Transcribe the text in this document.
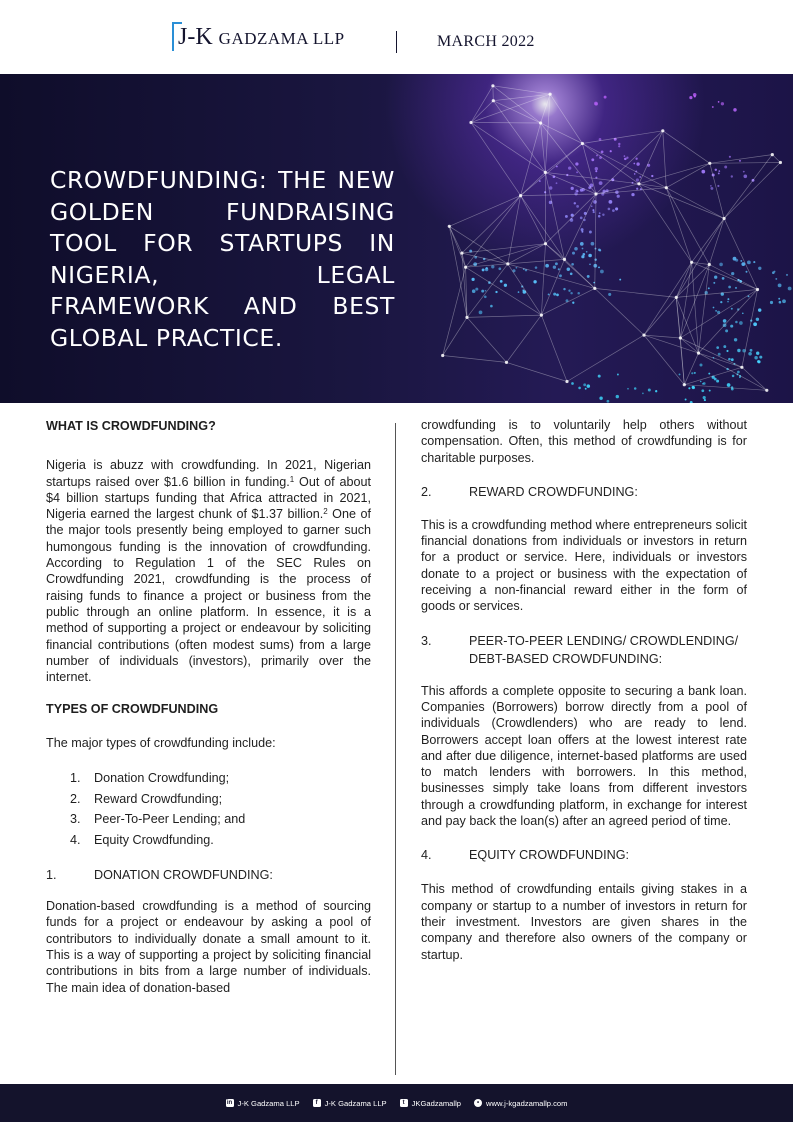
J-K GADZAMA LLP	MARCH 2022
CROWDFUNDING: THE NEW GOLDEN FUNDRAISING TOOL FOR STARTUPS IN NIGERIA, LEGAL FRAMEWORK AND BEST GLOBAL PRACTICE.

WHAT IS CROWDFUNDING?

Nigeria is abuzz with crowdfunding. In 2021, Nigerian startups raised over $1.6 billion in funding.$^1$ Out of about $4 billion startups funding that Africa attracted in 2021, Nigeria earned the largest chunk of $1.37 billion.$^2$ One of the major tools presently being employed to garner such humongous funding is the innovation of crowdfunding. According to Regulation 1 of the SEC Rules on Crowdfunding 2021, crowdfunding is the process of raising funds to finance a project or business from the public through an online platform. In essence, it is a method of supporting a project or endeavour by soliciting financial contributions (often modest sums) from a large number of individuals (investors), primarily over the internet.

TYPES OF CROWDFUNDING

The major types of crowdfunding include:

1.	Donation Crowdfunding;
2.	Reward Crowdfunding;
3.	Peer-To-Peer Lending; and
4.	Equity Crowdfunding.
1.	DONATION CROWDFUNDING:

Donation-based crowdfunding is a method of sourcing funds for a project or endeavour by asking a pool of contributors to individually donate a small amount to it. This is a way of supporting a project by soliciting financial contributions in bits from a large number of individuals. The main idea of donation-based

crowdfunding is to voluntarily help others without compensation. Often, this method of crowdfunding is for charitable purposes.

2.	REWARD CROWDFUNDING:

This is a crowdfunding method where entrepreneurs solicit financial donations from individuals or investors in return for a product or service. Here, individuals or investors donate to a project or business with the expectation of receiving a non-financial reward either in the form of goods or services.

3.	PEER-TO-PEER LENDING/ CROWDLENDING/ DEBT-BASED CROWDFUNDING:

This affords a complete opposite to securing a bank loan. Companies (Borrowers) borrow directly from a pool of individuals (Crowdlenders) who are ready to lend. Borrowers accept loan offers at the lowest interest rate and after due diligence, internet-based platforms are used to match lenders with borrowers. In this method, businesses simply take loans from different investors through a crowdfunding platform, in exchange for interest and pay back the loan(s) after an agreed period of time.

4.	EQUITY CROWDFUNDING:

This method of crowdfunding entails giving stakes in a company or startup to a number of investors in return for their investment. Investors are given shares in the company and therefore also owners of the company or startup.

in J-K Gadzama LLP	f J-K Gadzama LLP	t JKGadzamallp	• www.j-kgadzamallp.com
